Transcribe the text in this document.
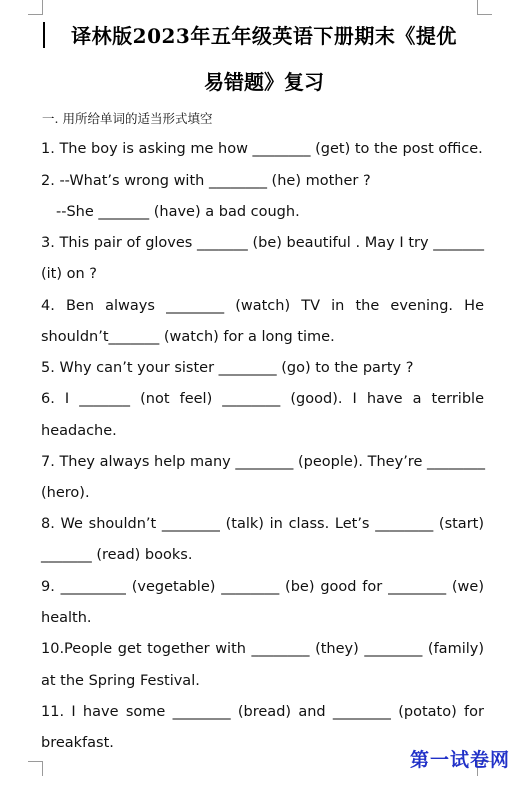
译林版2023年五年级英语下册期末《提优
易错题》复习
一. 用所给单词的适当形式填空
1. The boy is asking me how ________ (get) to the post office.
2. --What’s wrong with ________ (he) mother ?
--She _______ (have) a bad cough.
3. This pair of gloves _______ (be) beautiful . May I try _______
(it) on ?
4. Ben always ________ (watch) TV in the evening. He
shouldn’t_______ (watch) for a long time.
5. Why can’t your sister ________ (go) to the party ?
6. I _______ (not feel) ________ (good). I have a terrible
headache.
7. They always help many ________ (people). They’re ________
(hero).
8. We shouldn’t ________ (talk) in class. Let’s ________ (start)
_______ (read) books.
9. _________ (vegetable) ________ (be) good for ________ (we)
health.
10.People get together with ________ (they) ________ (family)
at the Spring Festival.
11. I have some ________ (bread) and ________ (potato) for
breakfast.
第一试卷网
